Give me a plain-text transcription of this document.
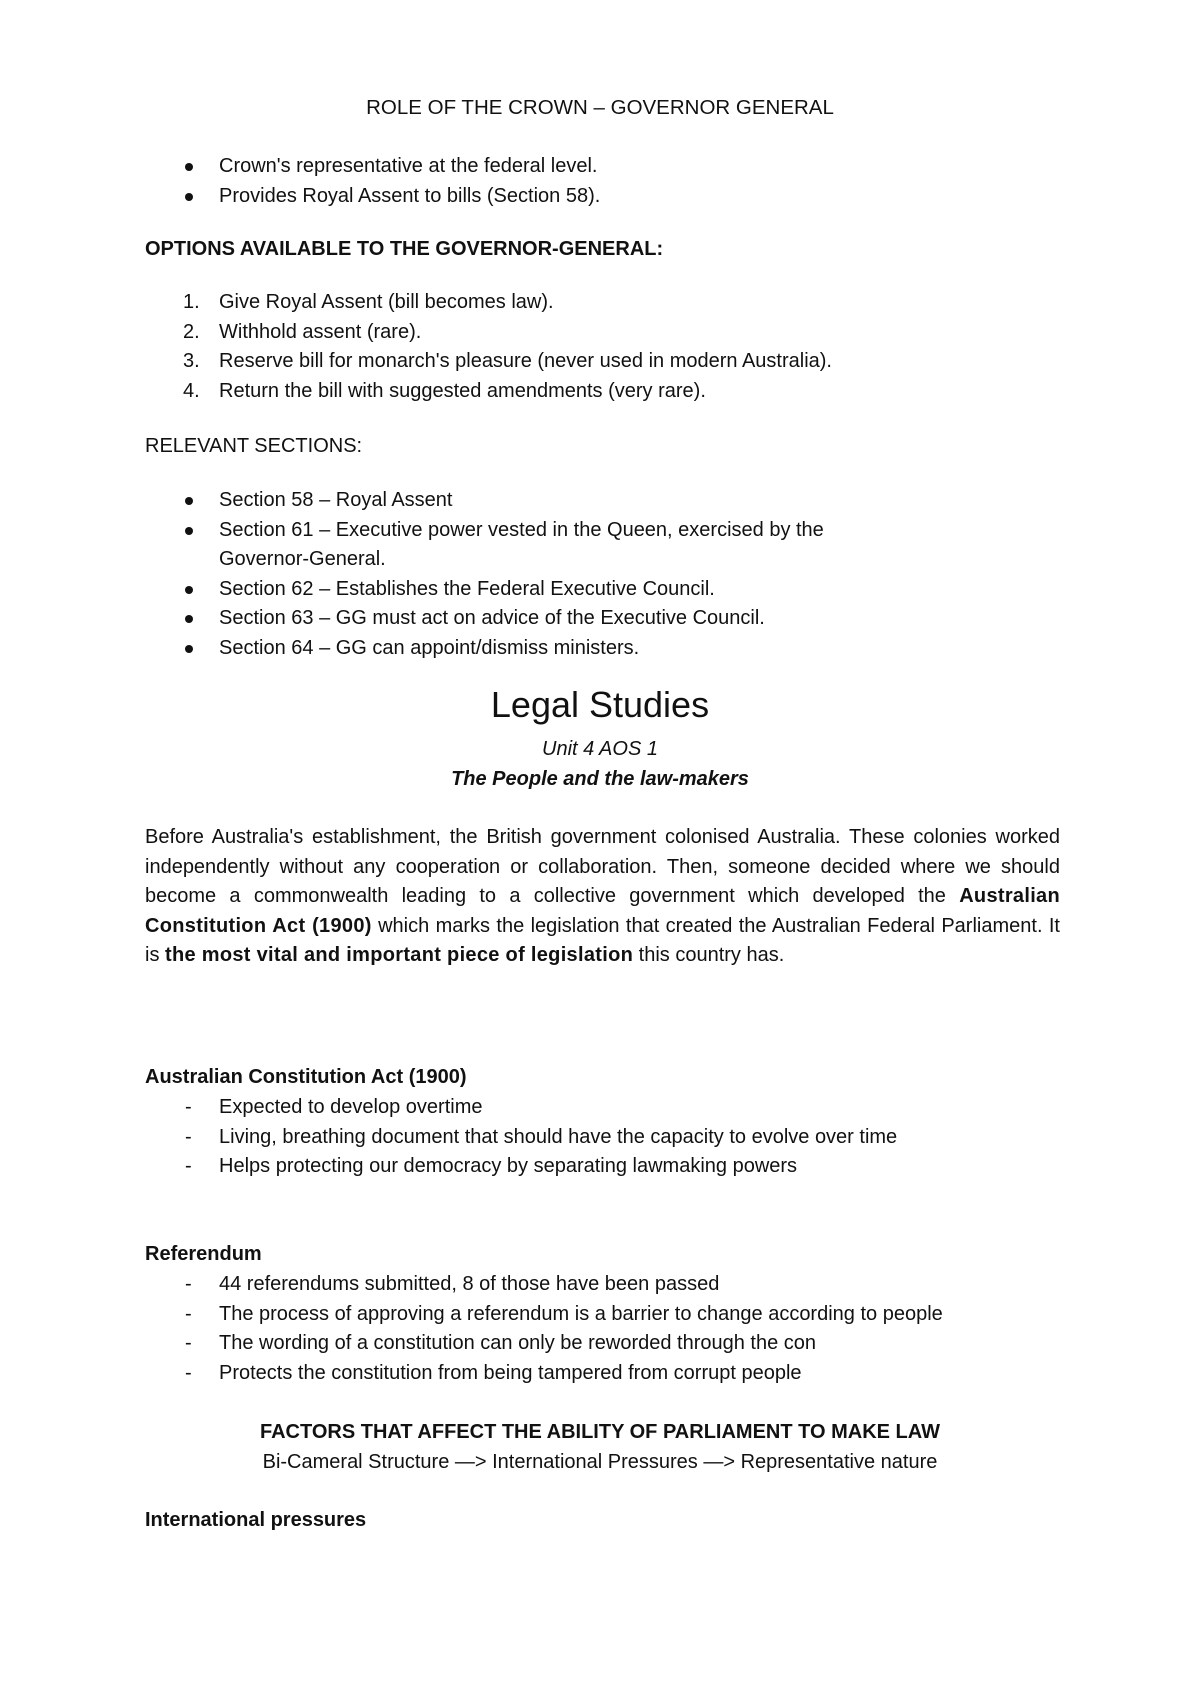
ROLE OF THE CROWN – GOVERNOR GENERAL
Crown's representative at the federal level.
Provides Royal Assent to bills (Section 58).
OPTIONS AVAILABLE TO THE GOVERNOR-GENERAL:
1. Give Royal Assent (bill becomes law).
2. Withhold assent (rare).
3. Reserve bill for monarch's pleasure (never used in modern Australia).
4. Return the bill with suggested amendments (very rare).
RELEVANT SECTIONS:
Section 58 – Royal Assent
Section 61 – Executive power vested in the Queen, exercised by the Governor-General.
Section 62 – Establishes the Federal Executive Council.
Section 63 – GG must act on advice of the Executive Council.
Section 64 – GG can appoint/dismiss ministers.
Legal Studies
Unit 4 AOS 1
The People and the law-makers
Before Australia's establishment, the British government colonised Australia. These colonies worked independently without any cooperation or collaboration. Then, someone decided where we should become a commonwealth leading to a collective government which developed the Australian Constitution Act (1900) which marks the legislation that created the Australian Federal Parliament. It is the most vital and important piece of legislation this country has.
Australian Constitution Act (1900)
- Expected to develop overtime
- Living, breathing document that should have the capacity to evolve over time
- Helps protecting our democracy by separating lawmaking powers
Referendum
- 44 referendums submitted, 8 of those have been passed
- The process of approving a referendum is a barrier to change according to people
- The wording of a constitution can only be reworded through the con
- Protects the constitution from being tampered from corrupt people
FACTORS THAT AFFECT THE ABILITY OF PARLIAMENT TO MAKE LAW
Bi-Cameral Structure —> International Pressures —> Representative nature
International pressures
